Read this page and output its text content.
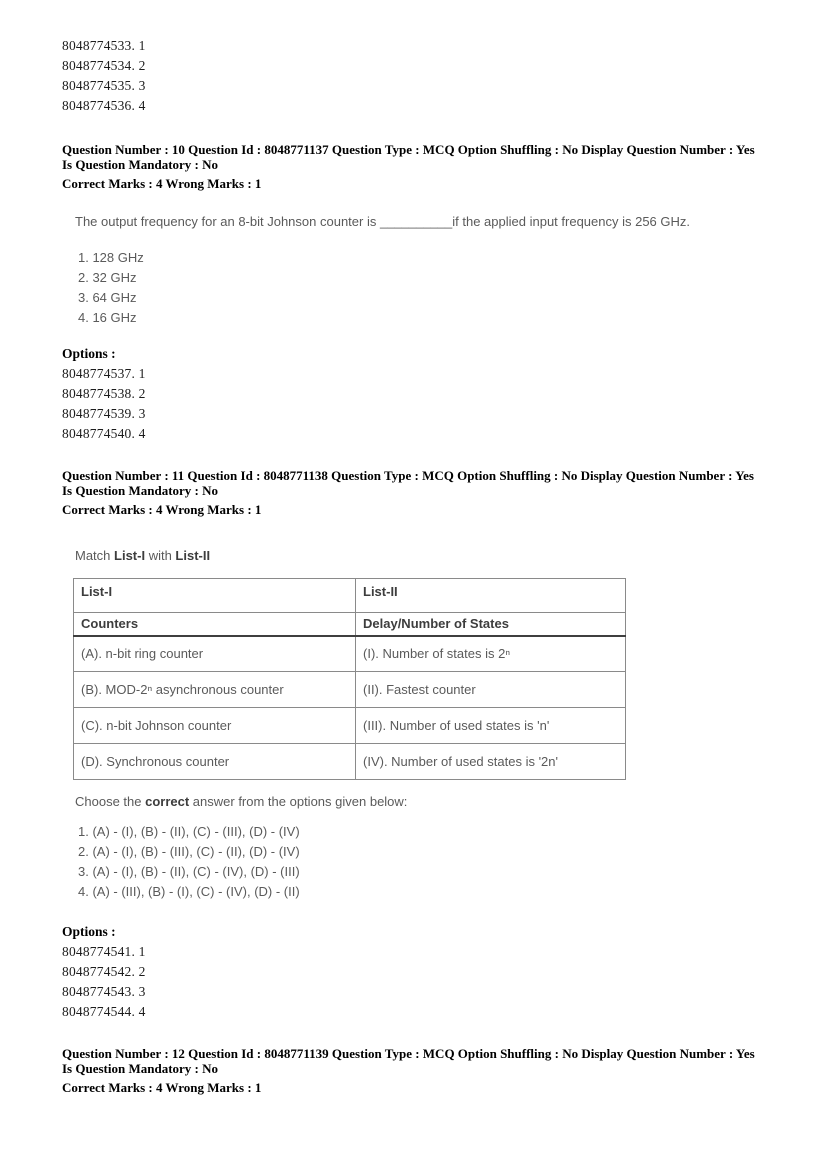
8048774533. 1
8048774534. 2
8048774535. 3
8048774536. 4
Question Number : 10 Question Id : 8048771137 Question Type : MCQ Option Shuffling : No Display Question Number : Yes
Is Question Mandatory : No
Correct Marks : 4 Wrong Marks : 1
The output frequency for an 8-bit Johnson counter is __________if the applied input frequency is 256 GHz.
1. 128 GHz
2. 32 GHz
3. 64 GHz
4. 16 GHz
Options :
8048774537. 1
8048774538. 2
8048774539. 3
8048774540. 4
Question Number : 11 Question Id : 8048771138 Question Type : MCQ Option Shuffling : No Display Question Number : Yes
Is Question Mandatory : No
Correct Marks : 4 Wrong Marks : 1
Match List-I with List-II
List-I	List-II
Counters	Delay/Number of States
(A). n-bit ring counter	(I). Number of states is 2ⁿ
(B). MOD-2ⁿ asynchronous counter	(II). Fastest counter
(C). n-bit Johnson counter	(III). Number of used states is 'n'
(D). Synchronous counter	(IV). Number of used states is '2n'
Choose the correct answer from the options given below:
1. (A) - (I), (B) - (II), (C) - (III), (D) - (IV)
2. (A) - (I), (B) - (III), (C) - (II), (D) - (IV)
3. (A) - (I), (B) - (II), (C) - (IV), (D) - (III)
4. (A) - (III), (B) - (I), (C) - (IV), (D) - (II)
Options :
8048774541. 1
8048774542. 2
8048774543. 3
8048774544. 4
Question Number : 12 Question Id : 8048771139 Question Type : MCQ Option Shuffling : No Display Question Number : Yes
Is Question Mandatory : No
Correct Marks : 4 Wrong Marks : 1
